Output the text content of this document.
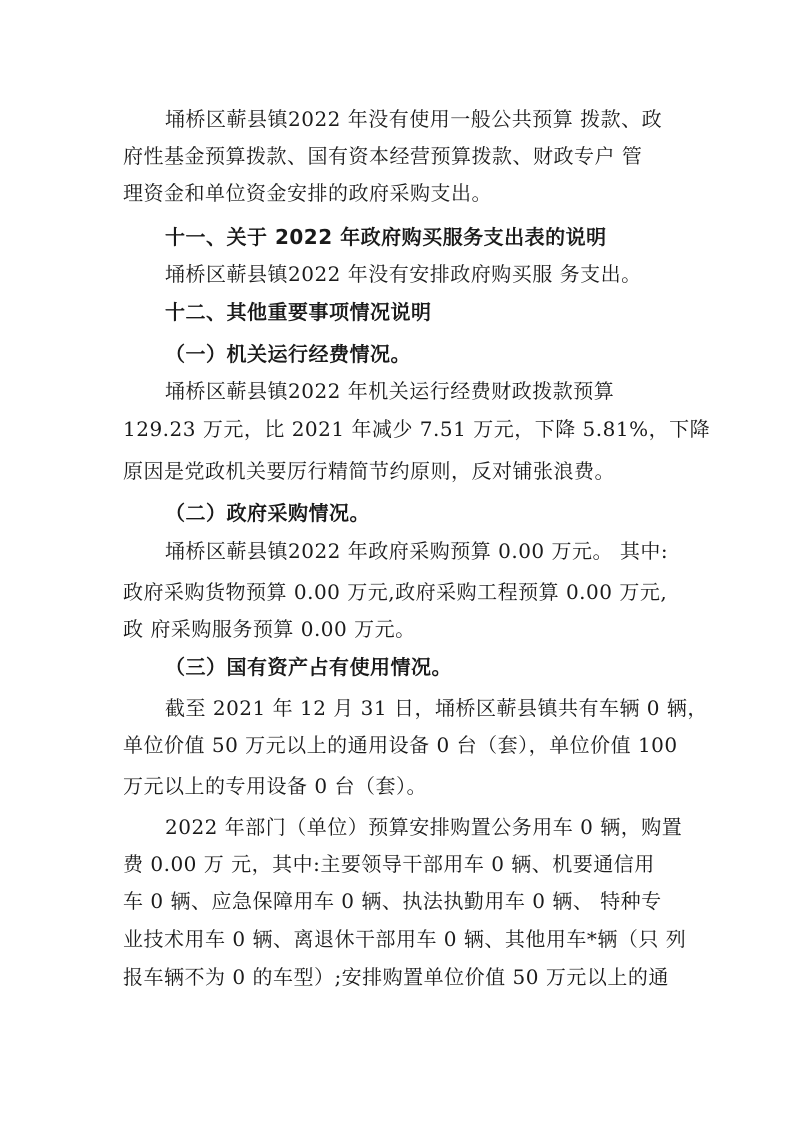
埇桥区蕲县镇2022 年没有使用一般公共预算 拨款、政
府性基金预算拨款、国有资本经营预算拨款、财政专户 管
理资金和单位资金安排的政府采购支出。
十一、关于 2022 年政府购买服务支出表的说明
埇桥区蕲县镇2022 年没有安排政府购买服 务支出。
十二、其他重要事项情况说明
（一）机关运行经费情况。
埇桥区蕲县镇2022 年机关运行经费财政拨款预算
129.23 万元，比 2021 年减少 7.51 万元，下降 5.81%，下降
原因是党政机关要厉行精简节约原则，反对铺张浪费。
（二）政府采购情况。
埇桥区蕲县镇2022 年政府采购预算 0.00 万元。 其中:
政府采购货物预算 0.00 万元,政府采购工程预算 0.00 万元,
政 府采购服务预算 0.00 万元。
（三）国有资产占有使用情况。
截至 2021 年 12 月 31 日，埇桥区蕲县镇共有车辆 0 辆，
单位价值 50 万元以上的通用设备 0 台（套），单位价值 100
万元以上的专用设备 0 台（套）。
2022 年部门（单位）预算安排购置公务用车 0 辆，购置
费 0.00 万 元，其中:主要领导干部用车 0 辆、机要通信用
车 0 辆、应急保障用车 0 辆、执法执勤用车 0 辆、 特种专
业技术用车 0 辆、离退休干部用车 0 辆、其他用车*辆（只 列
报车辆不为 0 的车型）;安排购置单位价值 50 万元以上的通
